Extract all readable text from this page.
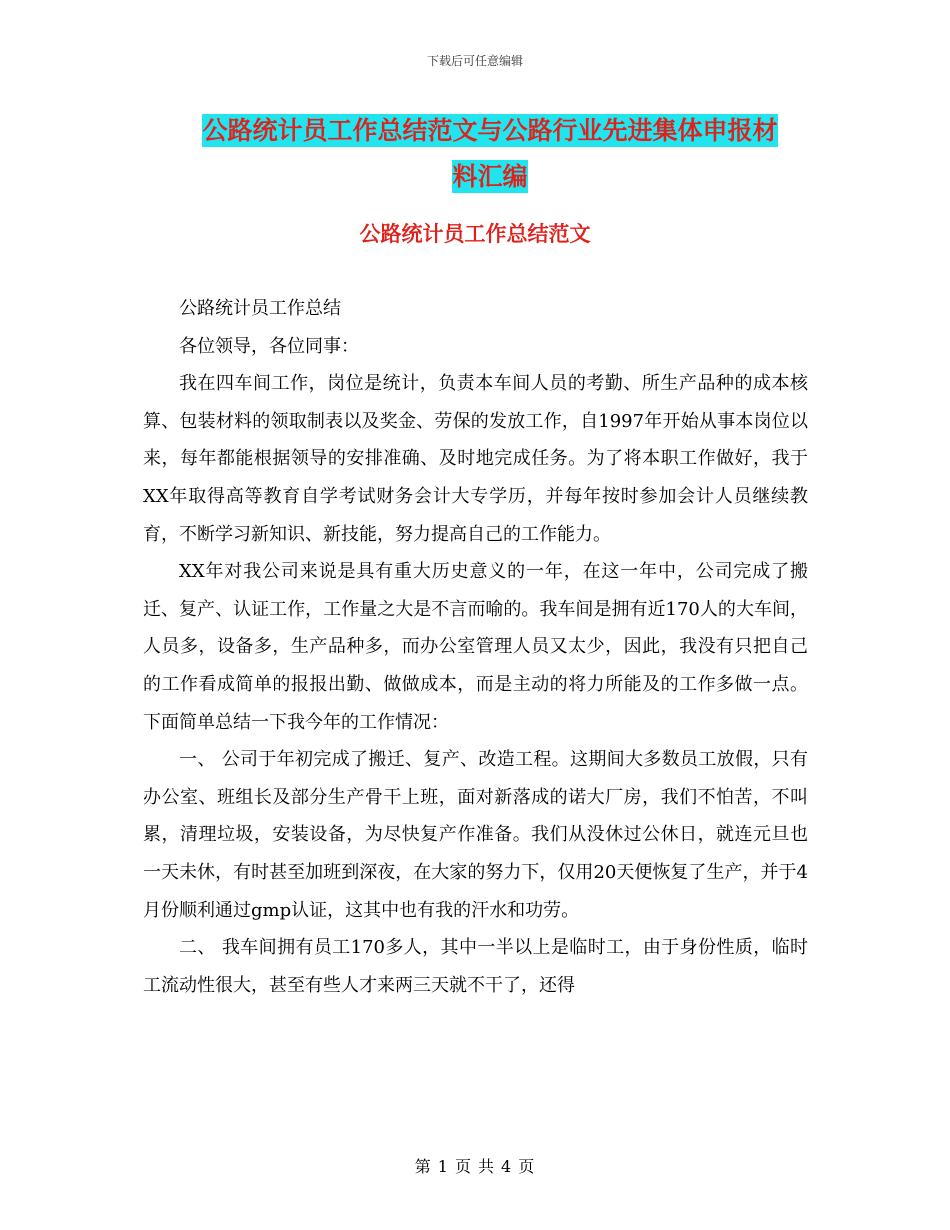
下载后可任意编辑
公路统计员工作总结范文与公路行业先进集体申报材
料汇编
公路统计员工作总结范文

公路统计员工作总结

各位领导，各位同事：

我在四车间工作，岗位是统计，负责本车间人员的考勤、所生产品种的成本核算、包装材料的领取制表以及奖金、劳保的发放工作，自1997年开始从事本岗位以来，每年都能根据领导的安排准确、及时地完成任务。为了将本职工作做好，我于XX年取得高等教育自学考试财务会计大专学历，并每年按时参加会计人员继续教育，不断学习新知识、新技能，努力提高自己的工作能力。

XX年对我公司来说是具有重大历史意义的一年，在这一年中，公司完成了搬迁、复产、认证工作，工作量之大是不言而喻的。我车间是拥有近170人的大车间，人员多，设备多，生产品种多，而办公室管理人员又太少，因此，我没有只把自己的工作看成简单的报报出勤、做做成本，而是主动的将力所能及的工作多做一点。下面简单总结一下我今年的工作情况：

一、 公司于年初完成了搬迁、复产、改造工程。这期间大多数员工放假，只有办公室、班组长及部分生产骨干上班，面对新落成的诺大厂房，我们不怕苦，不叫累，清理垃圾，安装设备，为尽快复产作准备。我们从没休过公休日，就连元旦也一天未休，有时甚至加班到深夜，在大家的努力下，仅用20天便恢复了生产，并于4月份顺利通过gmp认证，这其中也有我的汗水和功劳。

二、 我车间拥有员工170多人，其中一半以上是临时工，由于身份性质，临时工流动性很大，甚至有些人才来两三天就不干了，还得

第 1 页 共 4 页
